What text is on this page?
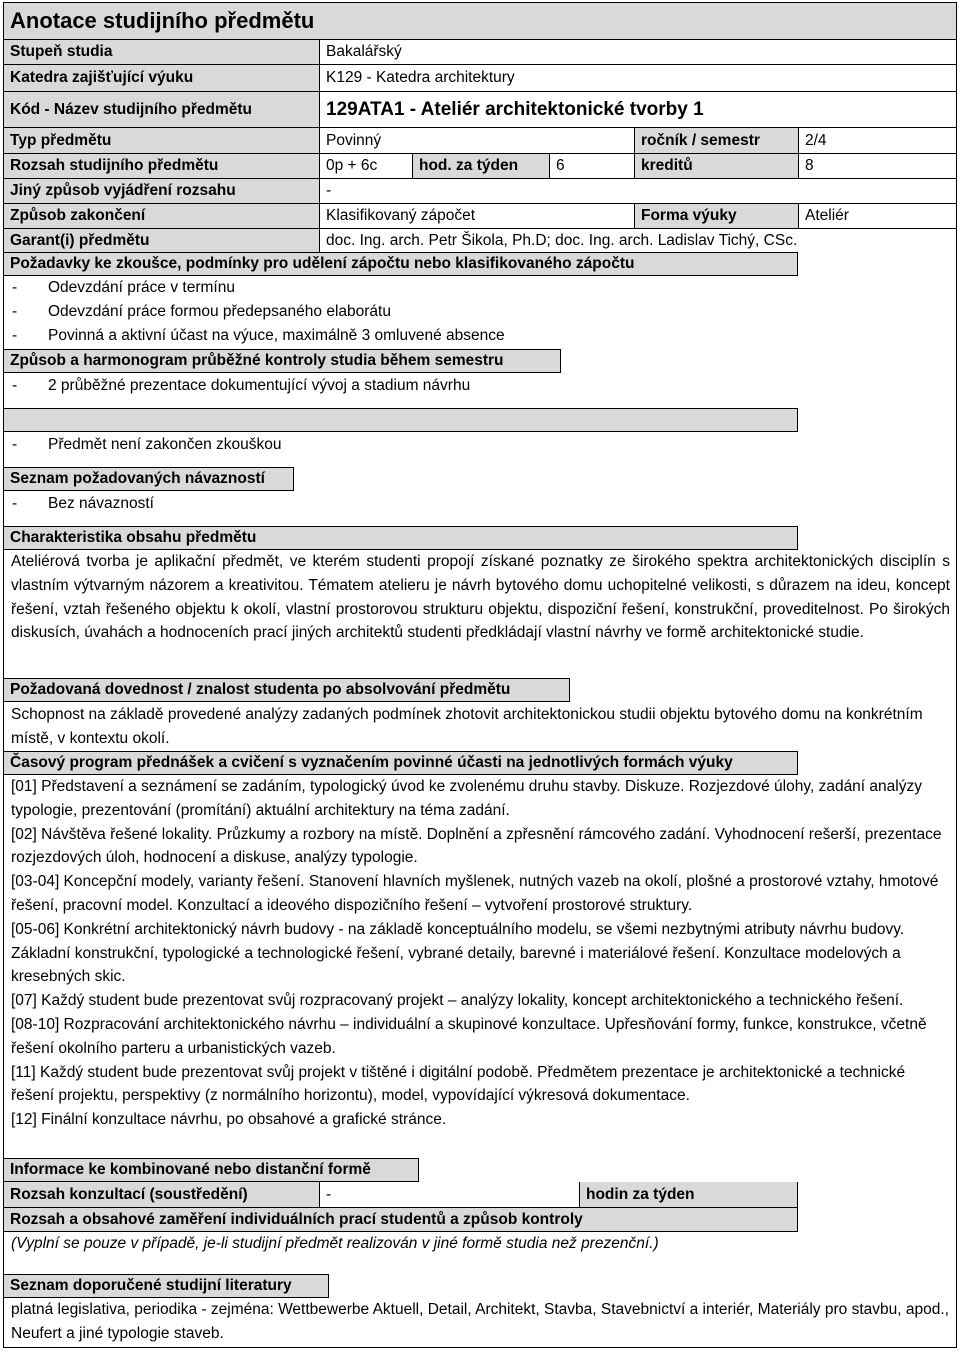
Anotace studijního předmětu
Stupeň studia	Bakalářský
Katedra zajišťující výuku	K129 - Katedra architektury
Kód - Název studijního předmětu	129ATA1 - Ateliér architektonické tvorby 1
Typ předmětu	Povinný	ročník / semestr	2/4
Rozsah studijního předmětu	0p + 6c	hod. za týden	6	kreditů	8
Jiný způsob vyjádření rozsahu	-
Způsob zakončení	Klasifikovaný zápočet	Forma výuky	Ateliér
Garant(i) předmětu	doc. Ing. arch. Petr Šikola, Ph.D; doc. Ing. arch. Ladislav Tichý, CSc.
Požadavky ke zkoušce, podmínky pro udělení zápočtu nebo klasifikovaného zápočtu
- Odevzdání práce v termínu
- Odevzdání práce formou předepsaného elaborátu
- Povinná a aktivní účast na výuce, maximálně 3 omluvené absence
Způsob a harmonogram průběžné kontroly studia během semestru
- 2 průběžné prezentace dokumentující vývoj a stadium návrhu
- Předmět není zakončen zkouškou
Seznam požadovaných návazností
- Bez návazností
Charakteristika obsahu předmětu
Ateliérová tvorba je aplikační předmět, ve kterém studenti propojí získané poznatky ze širokého spektra architektonických disciplín s vlastním výtvarným názorem a kreativitou. Tématem atelieru je návrh bytového domu uchopitelné velikosti, s důrazem na ideu, koncept řešení, vztah řešeného objektu k okolí, vlastní prostorovou strukturu objektu, dispoziční řešení, konstrukční, proveditelnost. Po širokých diskusích, úvahách a hodnoceních prací jiných architektů studenti předkládají vlastní návrhy ve formě architektonické studie.
Požadovaná dovednost / znalost studenta po absolvování předmětu
Schopnost na základě provedené analýzy zadaných podmínek zhotovit architektonickou studii objektu bytového domu na konkrétním místě, v kontextu okolí.
Časový program přednášek a cvičení s vyznačením povinné účasti na jednotlivých formách výuky
[01] Představení a seznámení se zadáním, typologický úvod ke zvolenému druhu stavby. Diskuze. Rozjezdové úlohy, zadání analýzy typologie, prezentování (promítání) aktuální architektury na téma zadání.
[02] Návštěva řešené lokality. Průzkumy a rozbory na místě. Doplnění a zpřesnění rámcového zadání. Vyhodnocení rešerší, prezentace rozjezdových úloh, hodnocení a diskuse, analýzy typologie.
[03-04] Koncepční modely, varianty řešení. Stanovení hlavních myšlenek, nutných vazeb na okolí, plošné a prostorové vztahy, hmotové řešení, pracovní model. Konzultací a ideového dispozičního řešení – vytvoření prostorové struktury.
[05-06] Konkrétní architektonický návrh budovy - na základě konceptuálního modelu, se všemi nezbytnými atributy návrhu budovy. Základní konstrukční, typologické a technologické řešení, vybrané detaily, barevné i materiálové řešení. Konzultace modelových a kresebných skic.
[07] Každý student bude prezentovat svůj rozpracovaný projekt – analýzy lokality, koncept architektonického a technického řešení.
[08-10] Rozpracování architektonického návrhu – individuální a skupinové konzultace. Upřesňování formy, funkce, konstrukce, včetně řešení okolního parteru a urbanistických vazeb.
[11] Každý student bude prezentovat svůj projekt v tištěné i digitální podobě. Předmětem prezentace je architektonické a technické řešení projektu, perspektivy (z normálního horizontu), model, vypovídající výkresová dokumentace.
[12] Finální konzultace návrhu, po obsahové a grafické stránce.
Informace ke kombinované nebo distanční formě
Rozsah konzultací (soustředění)	-	hodin za týden
Rozsah a obsahové zaměření individuálních prací studentů a způsob kontroly
(Vyplní se pouze v případě, je-li studijní předmět realizován v jiné formě studia než prezenční.)
Seznam doporučené studijní literatury
platná legislativa, periodika - zejména: Wettbewerbe Aktuell, Detail, Architekt, Stavba, Stavebnictví a interiér, Materiály pro stavbu, apod., Neufert a jiné typologie staveb.
